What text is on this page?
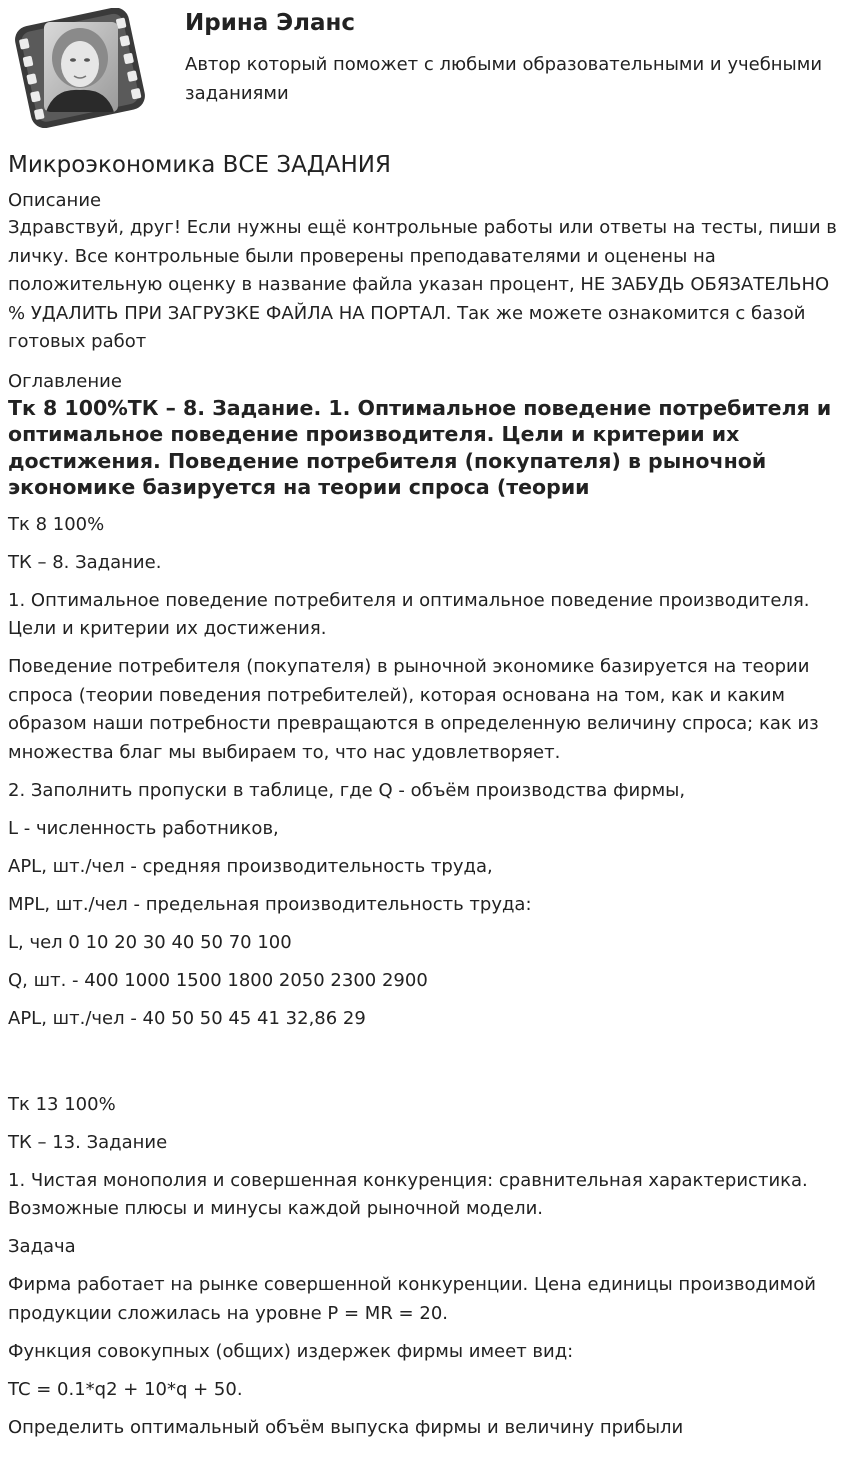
Ирина Эланс

Автор который поможет с любыми образовательными и учебными заданиями

Микроэкономика ВСЕ ЗАДАНИЯ
Описание

Здравствуй, друг! Если нужны ещё контрольные работы или ответы на тесты, пиши в личку. Все контрольные были проверены преподавателями и оценены на положительную оценку в название файла указан процент, НЕ ЗАБУДЬ ОБЯЗАТЕЛЬНО % УДАЛИТЬ ПРИ ЗАГРУЗКЕ ФАЙЛА НА ПОРТАЛ. Так же можете ознакомится с базой готовых работ

Оглавление
Тк 8 100%ТК – 8. Задание. 1. Оптимальное поведение потребителя и оптимальное поведение производителя. Цели и критерии их достижения. Поведение потребителя (покупателя) в рыночной экономике базируется на теории спроса (теории

Тк 8 100%

ТК – 8. Задание.

1. Оптимальное поведение потребителя и оптимальное поведение производителя. Цели и критерии их достижения.

Поведение потребителя (покупателя) в рыночной экономике базируется на теории спроса (теории поведения потребителей), которая основана на том, как и каким образом наши потребности превращаются в определенную величину спроса; как из множества благ мы выбираем то, что нас удовлетворяет.

2. Заполнить пропуски в таблице, где Q - объём производства фирмы,

L - численность работников,

APL, шт./чел - средняя производительность труда,

MPL, шт./чел - предельная производительность труда:

L, чел 0 10 20 30 40 50 70 100

Q, шт. - 400 1000 1500 1800 2050 2300 2900

APL, шт./чел - 40 50 50 45 41 32,86 29

Тк 13 100%

ТК – 13. Задание

1. Чистая монополия и совершенная конкуренция: сравнительная характеристика. Возможные плюсы и минусы каждой рыночной модели.

Задача

Фирма работает на рынке совершенной конкуренции. Цена единицы производимой продукции сложилась на уровне P = MR = 20.

Функция совокупных (общих) издержек фирмы имеет вид:

TC = 0.1*q2 + 10*q + 50.

Определить оптимальный объём выпуска фирмы и величину прибыли
